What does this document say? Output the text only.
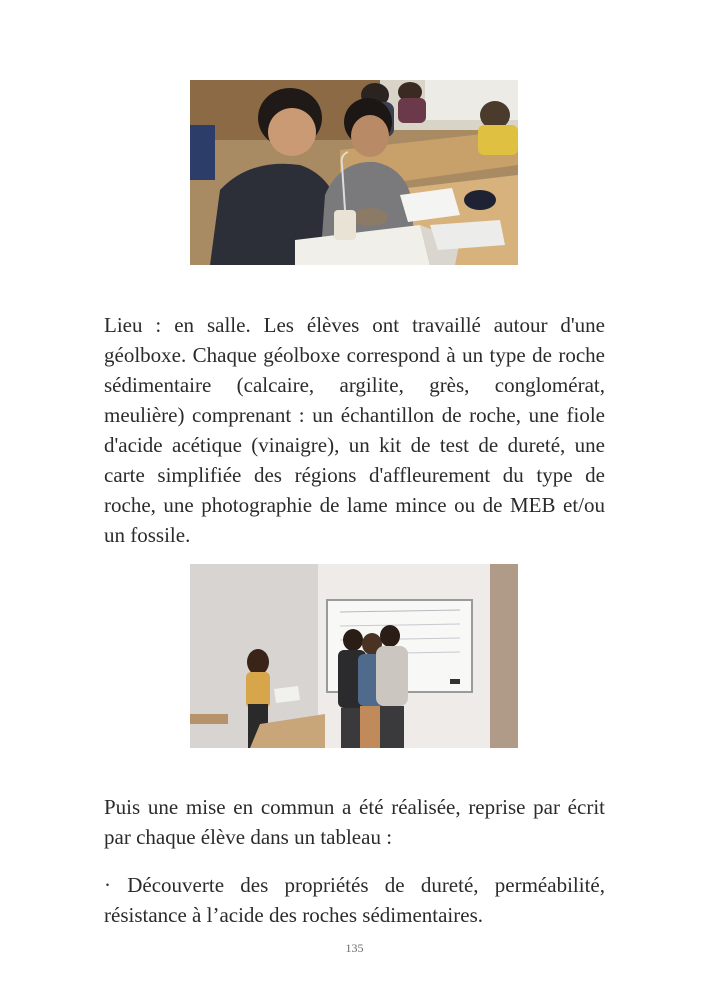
Lieu : en salle. Les élèves ont travaillé autour d'une géolboxe. Chaque géolboxe correspond à un type de roche sédimentaire (calcaire, argilite, grès, conglomérat, meulière) comprenant : un échantillon de roche, une fiole d'acide acétique (vinaigre), un kit de test de dureté, une carte simplifiée des régions d'affleurement du type de roche, une photographie de lame mince ou de MEB et/ou un fossile.

Puis une mise en commun a été réalisée, reprise par écrit par chaque élève dans un tableau :

· Découverte des propriétés de dureté, perméabilité, résistance à l’acide des roches sédimentaires.

135
